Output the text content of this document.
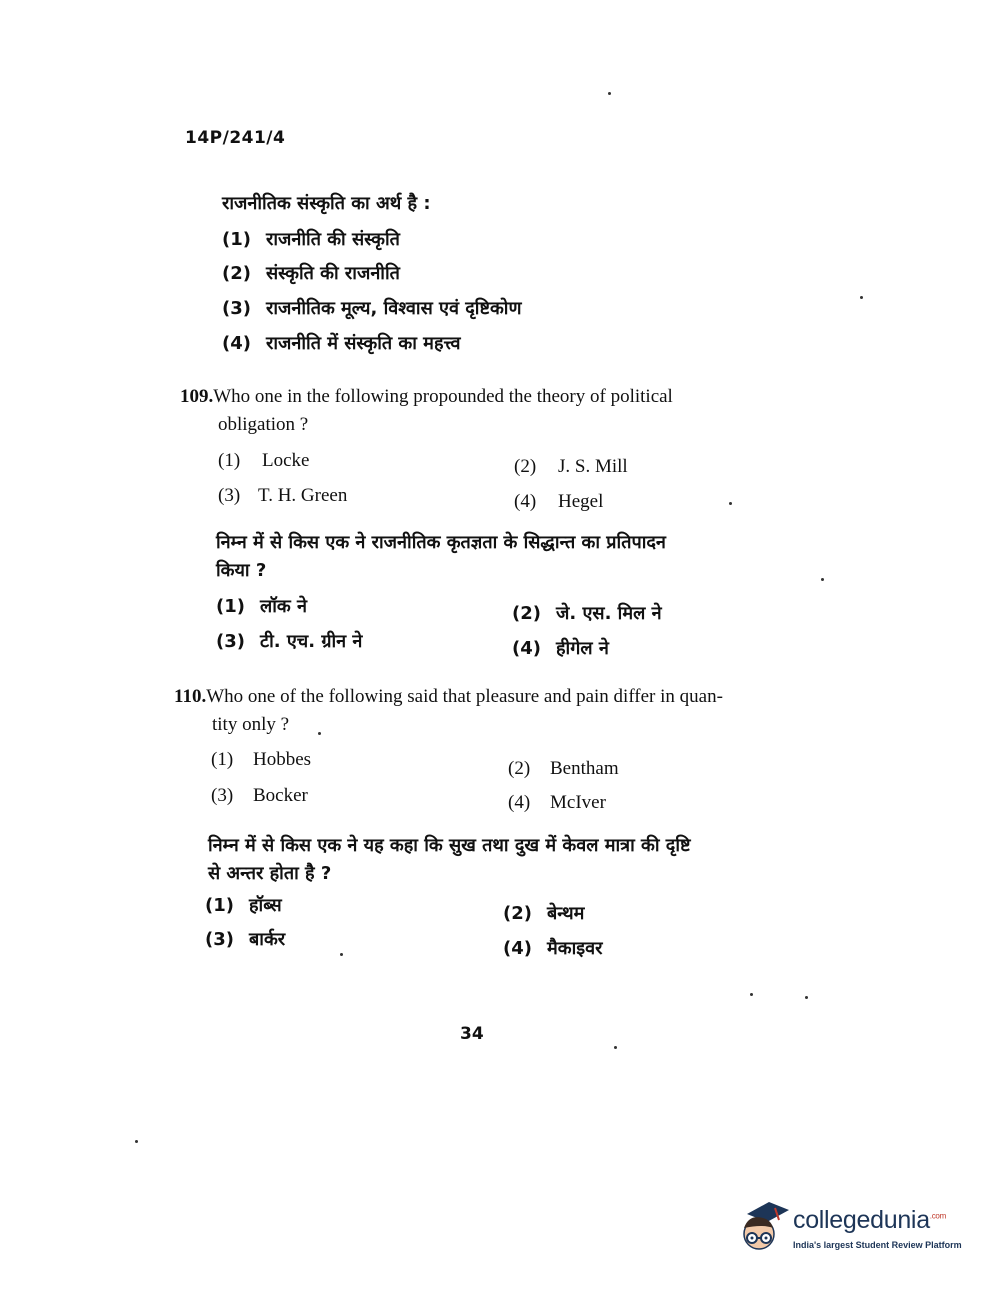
14P/241/4
राजनीतिक संस्कृति का अर्थ है :
(1) राजनीति की संस्कृति
(2) संस्कृति की राजनीति
(3) राजनीतिक मूल्य, विश्वास एवं दृष्टिकोण
(4) राजनीति में संस्कृति का महत्त्व
109.Who one in the following propounded the theory of political
obligation ?
(1) Locke	(2) J. S. Mill
(3) T. H. Green	(4) Hegel
निम्न में से किस एक ने राजनीतिक कृतज्ञता के सिद्धान्त का प्रतिपादन
किया ?
(1) लॉक ने	(2) जे. एस. मिल ने
(3) टी. एच. ग्रीन ने	(4) हीगेल ने
110.Who one of the following said that pleasure and pain differ in quan-
tity only ?
(1) Hobbes	(2) Bentham
(3) Bocker	(4) McIver
निम्न में से किस एक ने यह कहा कि सुख तथा दुख में केवल मात्रा की दृष्टि
से अन्तर होता है ?
(1) हॉब्स	(2) बेन्थम
(3) बार्कर	(4) मैकाइवर
34
collegedunia$^{.com}$
India's largest Student Review Platform
